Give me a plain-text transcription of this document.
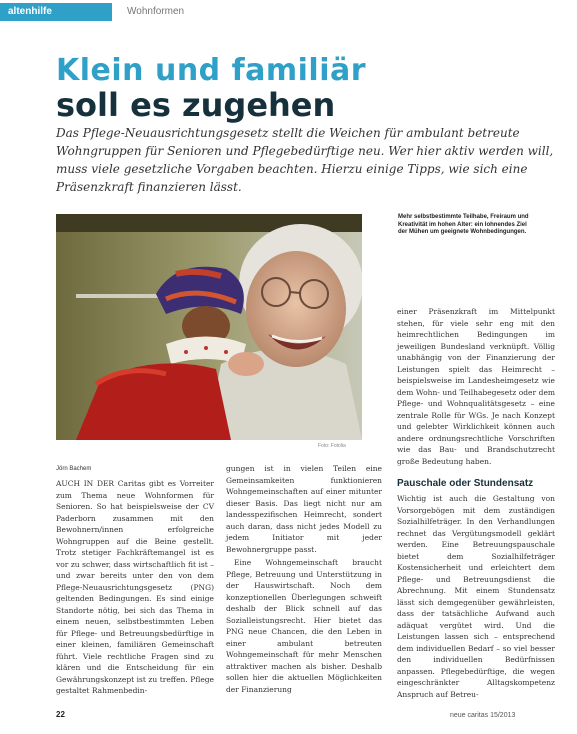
altenhilfe	Wohnformen
Klein und familiär
soll es zugehen
Das Pflege-Neuausrichtungsgesetz stellt die Weichen für ambulant betreute Wohngruppen für Senioren und Pflegebedürftige neu. Wer hier aktiv werden will, muss viele gesetzliche Vorgaben beachten. Hierzu einige Tipps, wie sich eine Präsenzkraft finanzieren lässt.
Mehr selbstbestimmte Teilhabe, Freiraum und Kreativität im hohen Alter: ein lohnendes Ziel der Mühen um geeignete Wohnbedingungen.
Foto: Fotolia
Jörn Bachem

AUCH IN DER Caritas gibt es Vorreiter zum Thema neue Wohnformen für Senioren. So hat beispielsweise der CV Paderborn zusammen mit den Bewohnern/innen erfolgreiche Wohngruppen auf die Beine gestellt. Trotz stetiger Fachkräftemangel ist es vor zu schwer, dass wirtschaftlich fit ist – und zwar bereits unter den von dem Pflege-Neuausrichtungsgesetz (PNG) geltenden Bedingungen. Es sind einige Standorte nötig, bei sich das Thema in einem neuen, selbstbestimmten Leben für Pflege- und Betreuungsbedürftige in einer kleinen, familiären Gemeinschaft führt. Viele rechtliche Fragen sind zu klären und die Entscheidung für ein Gewährungskonzept ist zu treffen. Pflege gestaltet Rahmenbedin-

gungen ist in vielen Teilen eine Gemeinsamkeiten funktionieren Wohngemeinschaften auf einer mitunter dieser Basis. Das liegt nicht nur am landesspezifischen Heimrecht, sondert auch daran, dass nicht jedes Modell zu jedem Initiator mit jeder Bewohnergruppe passt.

Eine Wohngemeinschaft braucht Pflege, Betreuung und Unterstützung in der Hauswirtschaft. Noch dem konzeptionellen Überlegungen schweift deshalb der Blick schnell auf das Sozialleistungsrecht. Hier bietet das PNG neue Chancen, die den Leben in einer ambulant betreuten Wohngemeinschaft für mehr Menschen attraktiver machen als bisher. Deshalb sollen hier die aktuellen Möglichkeiten der Finanzierung

einer Präsenzkraft im Mittelpunkt stehen, für viele sehr eng mit den heimrechtlichen Bedingungen im jeweiligen Bundesland verknüpft. Völlig unabhängig von der Finanzierung der Leistungen spielt das Heimrecht – beispielsweise im Landesheimgesetz wie dem Wohn- und Teilhabegesetz oder dem Pflege- und Wohnqualitätsgesetz – eine zentrale Rolle für WGs. Je nach Konzept und gelebter Wirklichkeit können auch andere ordnungsrechtliche Vorschriften wie das Bau- und Brandschutzrecht große Bedeutung haben.

Pauschale oder Stundensatz

Wichtig ist auch die Gestaltung von Vorsorgebögen mit dem zuständigen Sozialhilfeträger. In den Verhandlungen rechnet das Vergütungsmodell geklärt werden. Eine Betreuungspauschale bietet dem Sozialhilfeträger Kostensicherheit und erleichtert dem Pflege- und Betreuungsdienst die Abrechnung. Mit einem Stundensatz lässt sich demgegenüber gewährleisten, dass der tatsächliche Aufwand auch adäquat vergütet wird. Und die Leistungen lassen sich – entsprechend dem individuellen Bedarf – so viel besser den individuellen Bedürfnissen anpassen. Pflegebedürftige, die wegen eingeschränkter Alltagskompetenz Anspruch auf Betreu-

22	neue caritas 15/2013
